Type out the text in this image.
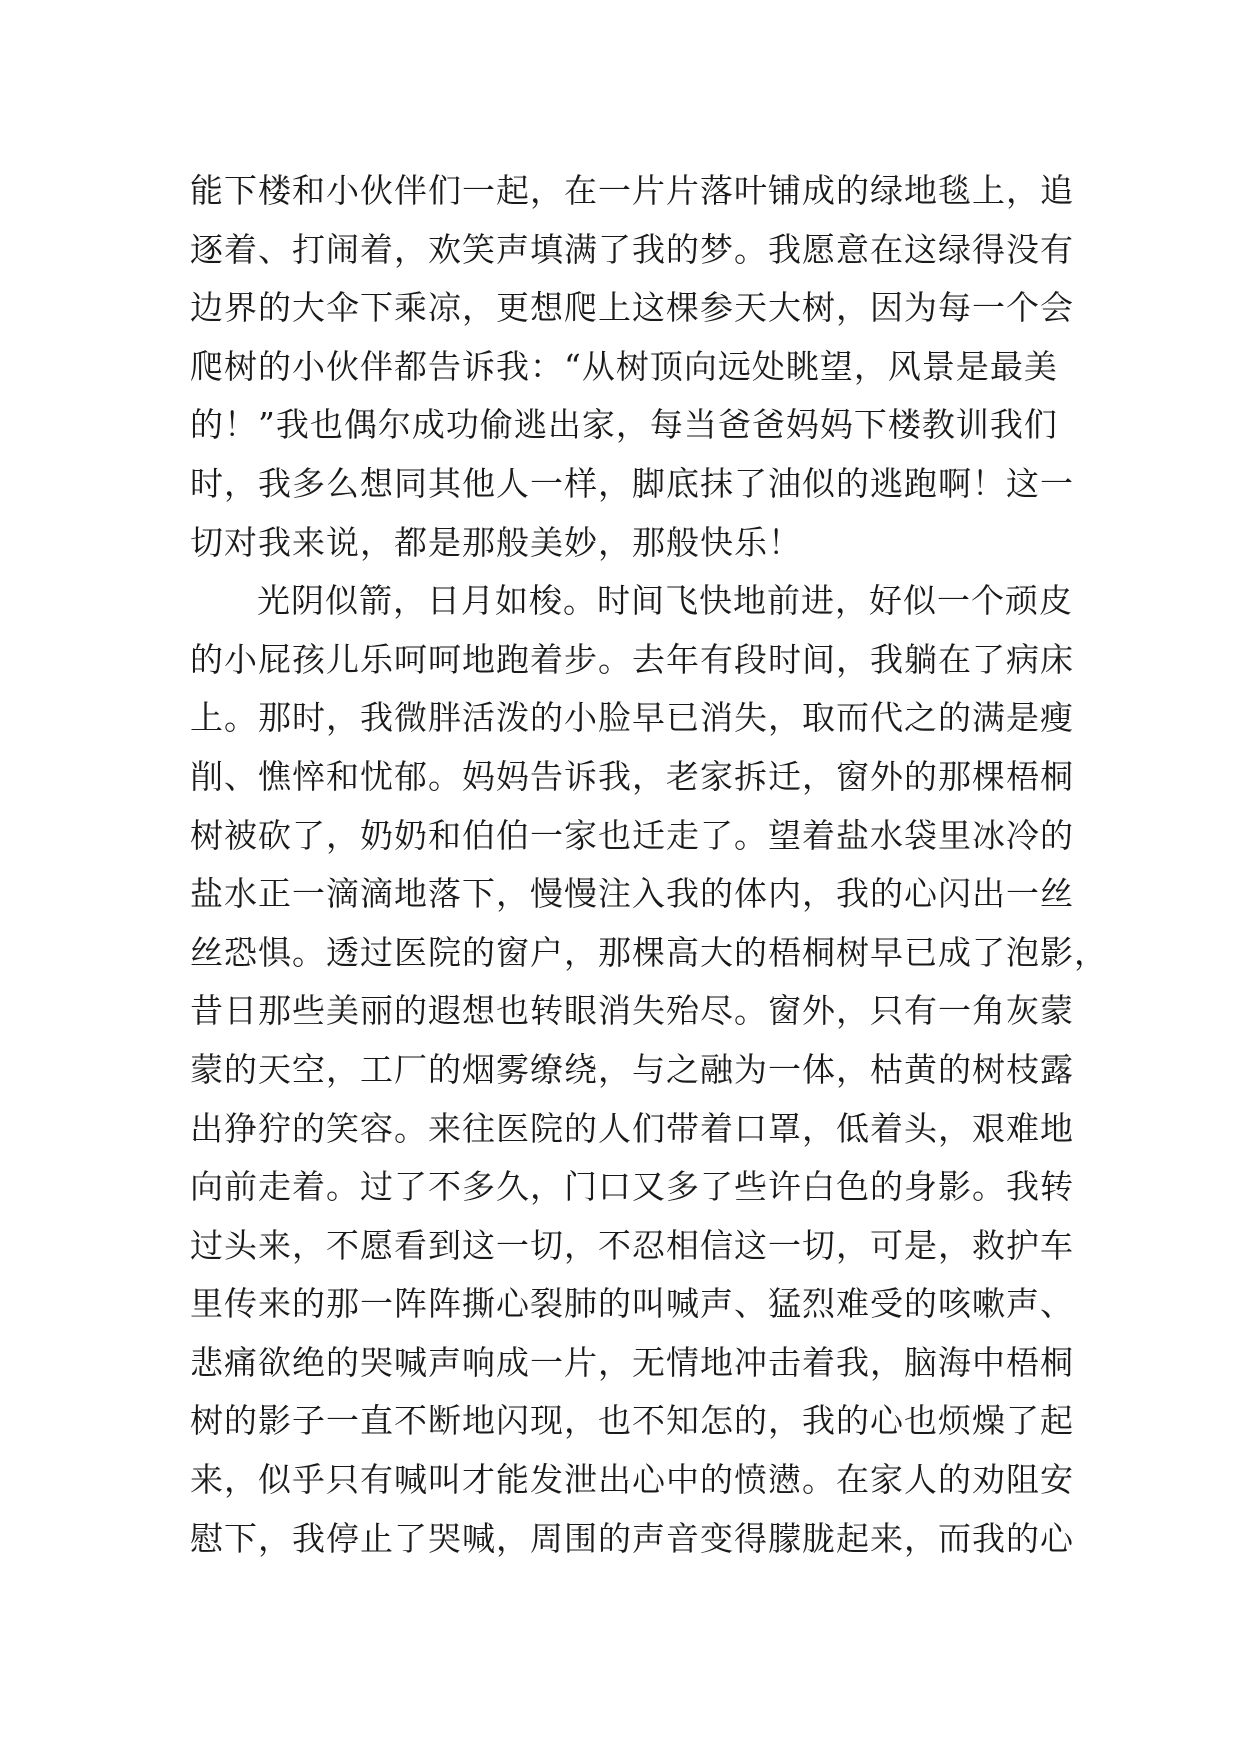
能下楼和小伙伴们一起，在一片片落叶铺成的绿地毯上，追
逐着、打闹着，欢笑声填满了我的梦。我愿意在这绿得没有
边界的大伞下乘凉，更想爬上这棵参天大树，因为每一个会
爬树的小伙伴都告诉我：“从树顶向远处眺望，风景是最美
的！”我也偶尔成功偷逃出家，每当爸爸妈妈下楼教训我们
时，我多么想同其他人一样，脚底抹了油似的逃跑啊！这一
切对我来说，都是那般美妙，那般快乐！
光阴似箭，日月如梭。时间飞快地前进，好似一个顽皮
的小屁孩儿乐呵呵地跑着步。去年有段时间，我躺在了病床
上。那时，我微胖活泼的小脸早已消失，取而代之的满是瘦
削、憔悴和忧郁。妈妈告诉我，老家拆迁，窗外的那棵梧桐
树被砍了，奶奶和伯伯一家也迁走了。望着盐水袋里冰冷的
盐水正一滴滴地落下，慢慢注入我的体内，我的心闪出一丝
丝恐惧。透过医院的窗户，那棵高大的梧桐树早已成了泡影，
昔日那些美丽的遐想也转眼消失殆尽。窗外，只有一角灰蒙
蒙的天空，工厂的烟雾缭绕，与之融为一体，枯黄的树枝露
出狰狞的笑容。来往医院的人们带着口罩，低着头，艰难地
向前走着。过了不多久，门口又多了些许白色的身影。我转
过头来，不愿看到这一切，不忍相信这一切，可是，救护车
里传来的那一阵阵撕心裂肺的叫喊声、猛烈难受的咳嗽声、
悲痛欲绝的哭喊声响成一片，无情地冲击着我，脑海中梧桐
树的影子一直不断地闪现，也不知怎的，我的心也烦燥了起
来，似乎只有喊叫才能发泄出心中的愤懑。在家人的劝阻安
慰下，我停止了哭喊，周围的声音变得朦胧起来，而我的心
